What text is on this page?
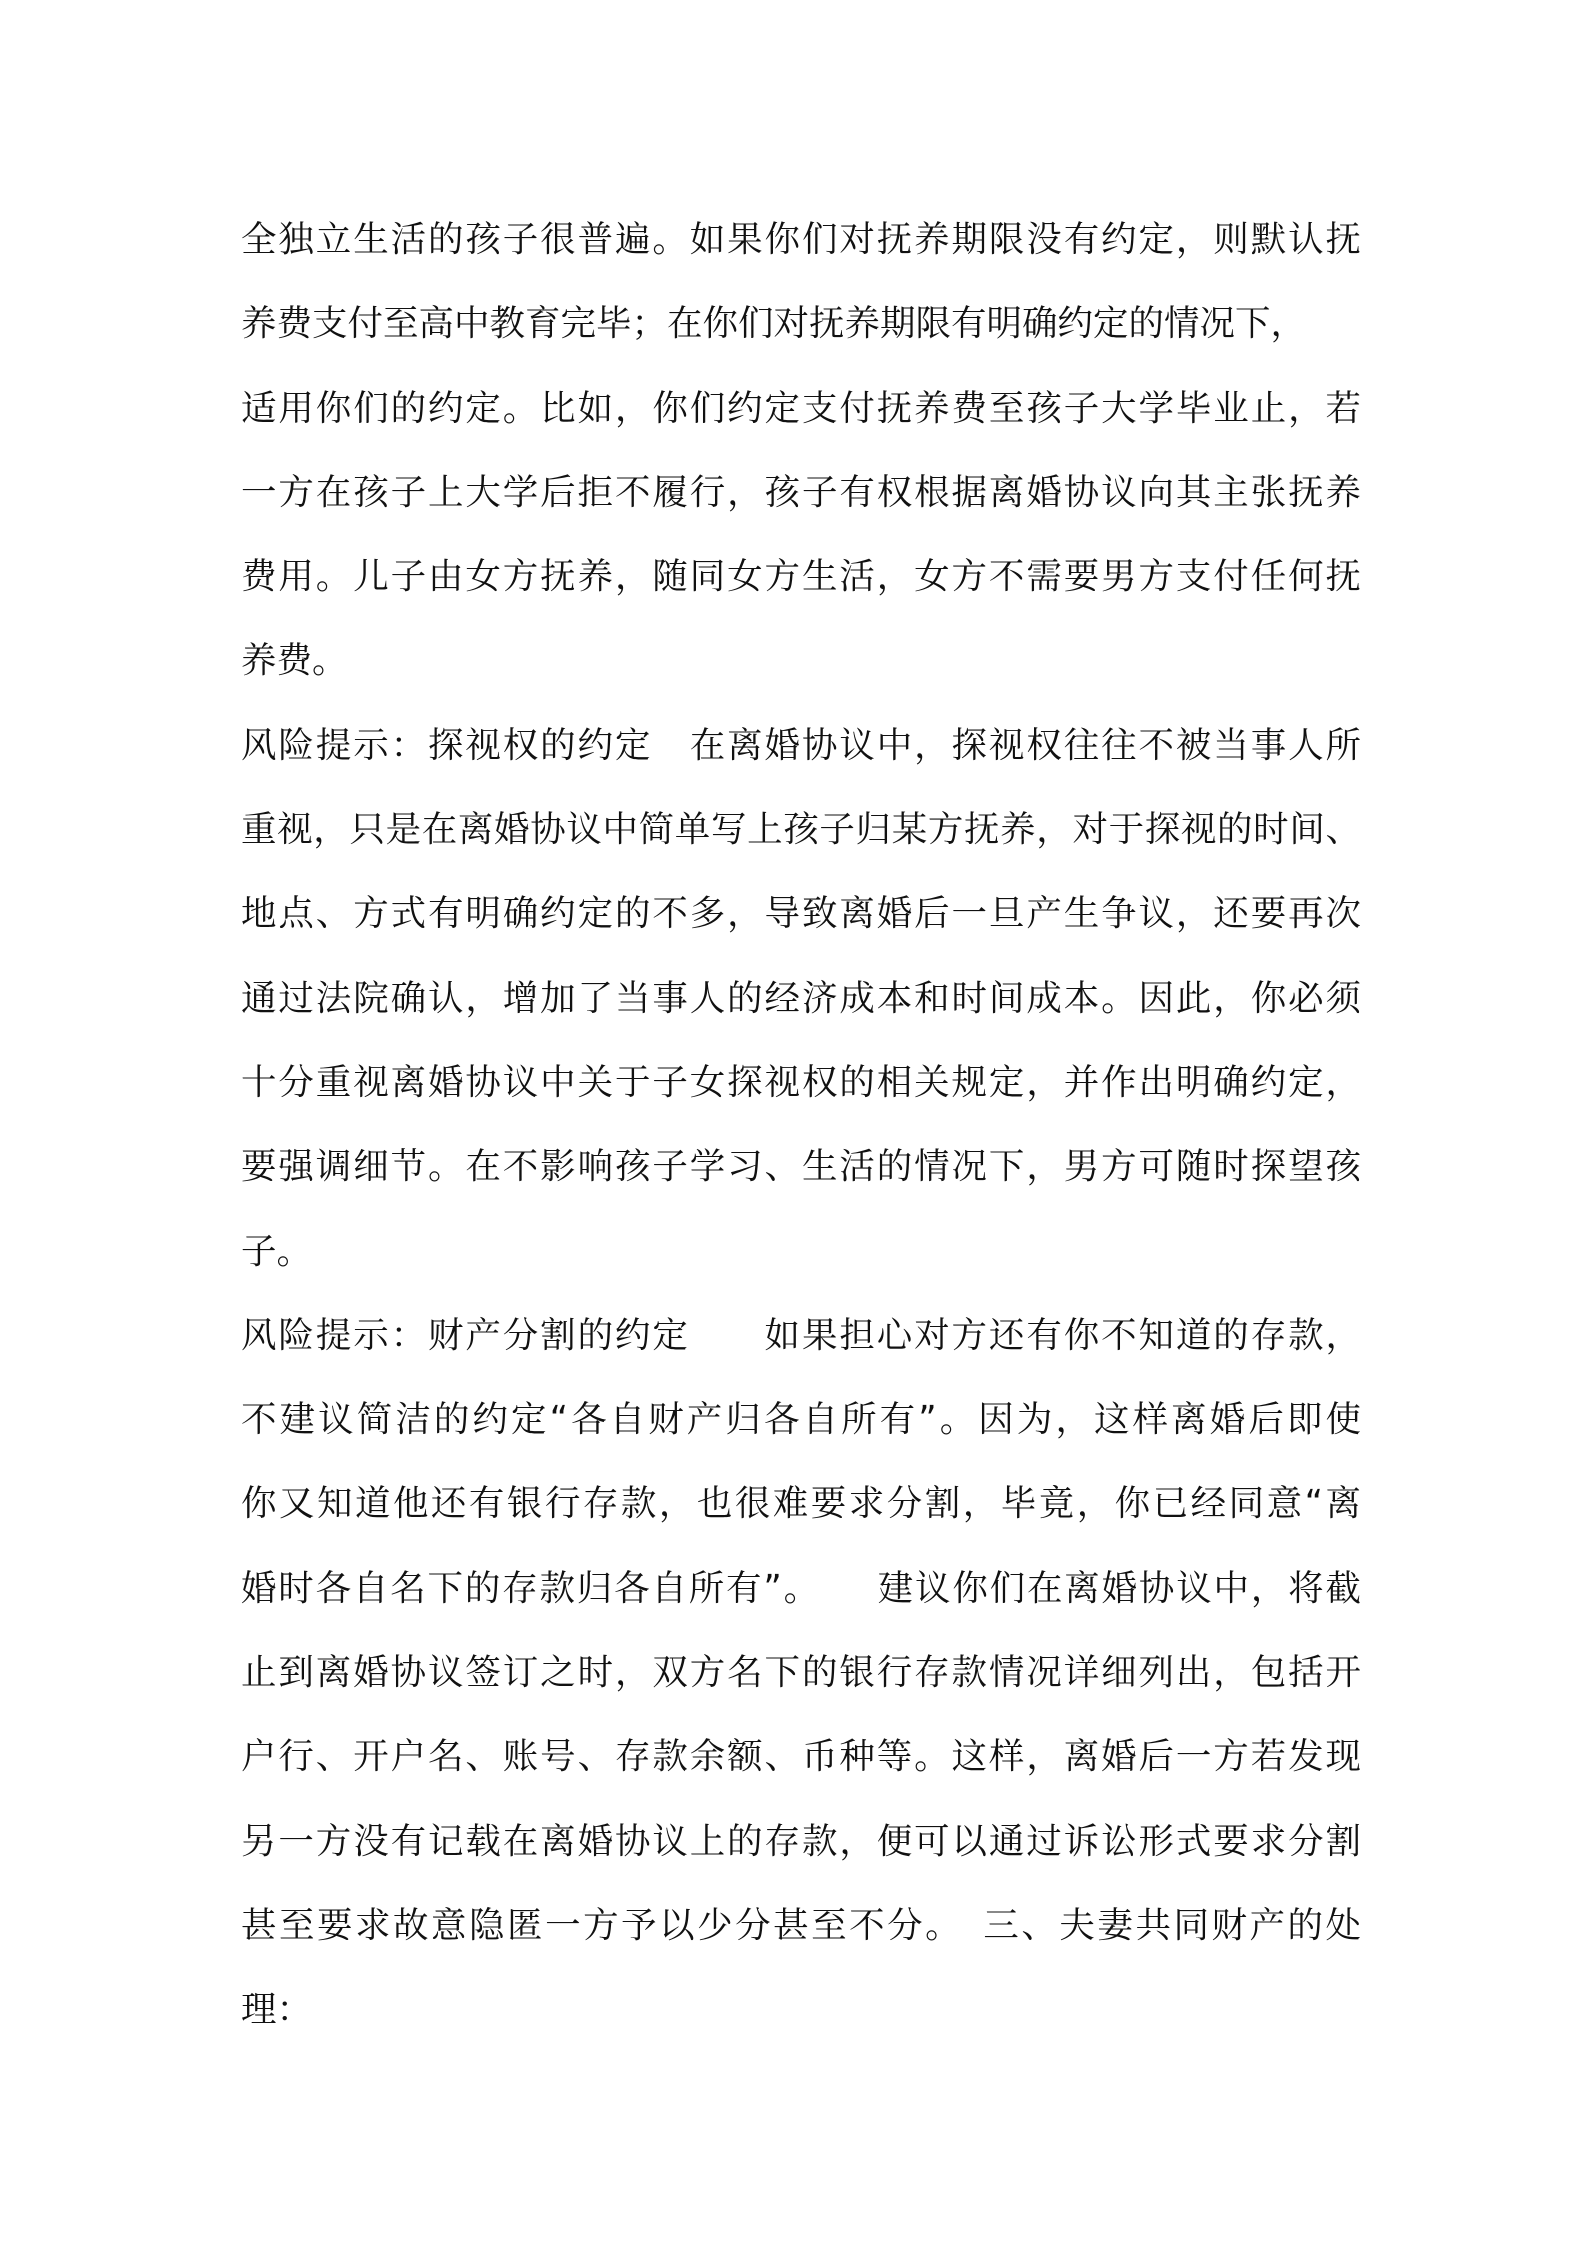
全独立生活的孩子很普遍。如果你们对抚养期限没有约定，则默认抚
养费支付至高中教育完毕；在你们对抚养期限有明确约定的情况下，
适用你们的约定。比如，你们约定支付抚养费至孩子大学毕业止，若
一方在孩子上大学后拒不履行，孩子有权根据离婚协议向其主张抚养
费用。儿子由女方抚养，随同女方生活，女方不需要男方支付任何抚
养费。
风险提示：探视权的约定　在离婚协议中，探视权往往不被当事人所
重视，只是在离婚协议中简单写上孩子归某方抚养，对于探视的时间、
地点、方式有明确约定的不多，导致离婚后一旦产生争议，还要再次
通过法院确认，增加了当事人的经济成本和时间成本。因此，你必须
十分重视离婚协议中关于子女探视权的相关规定，并作出明确约定，
要强调细节。在不影响孩子学习、生活的情况下，男方可随时探望孩
子。
风险提示：财产分割的约定　　如果担心对方还有你不知道的存款，
不建议简洁的约定“各自财产归各自所有”。因为，这样离婚后即使
你又知道他还有银行存款，也很难要求分割，毕竟，你已经同意“离
婚时各自名下的存款归各自所有”。　　建议你们在离婚协议中，将截
止到离婚协议签订之时，双方名下的银行存款情况详细列出，包括开
户行、开户名、账号、存款余额、币种等。这样，离婚后一方若发现
另一方没有记载在离婚协议上的存款，便可以通过诉讼形式要求分割
甚至要求故意隐匿一方予以少分甚至不分。　三、夫妻共同财产的处
理：
